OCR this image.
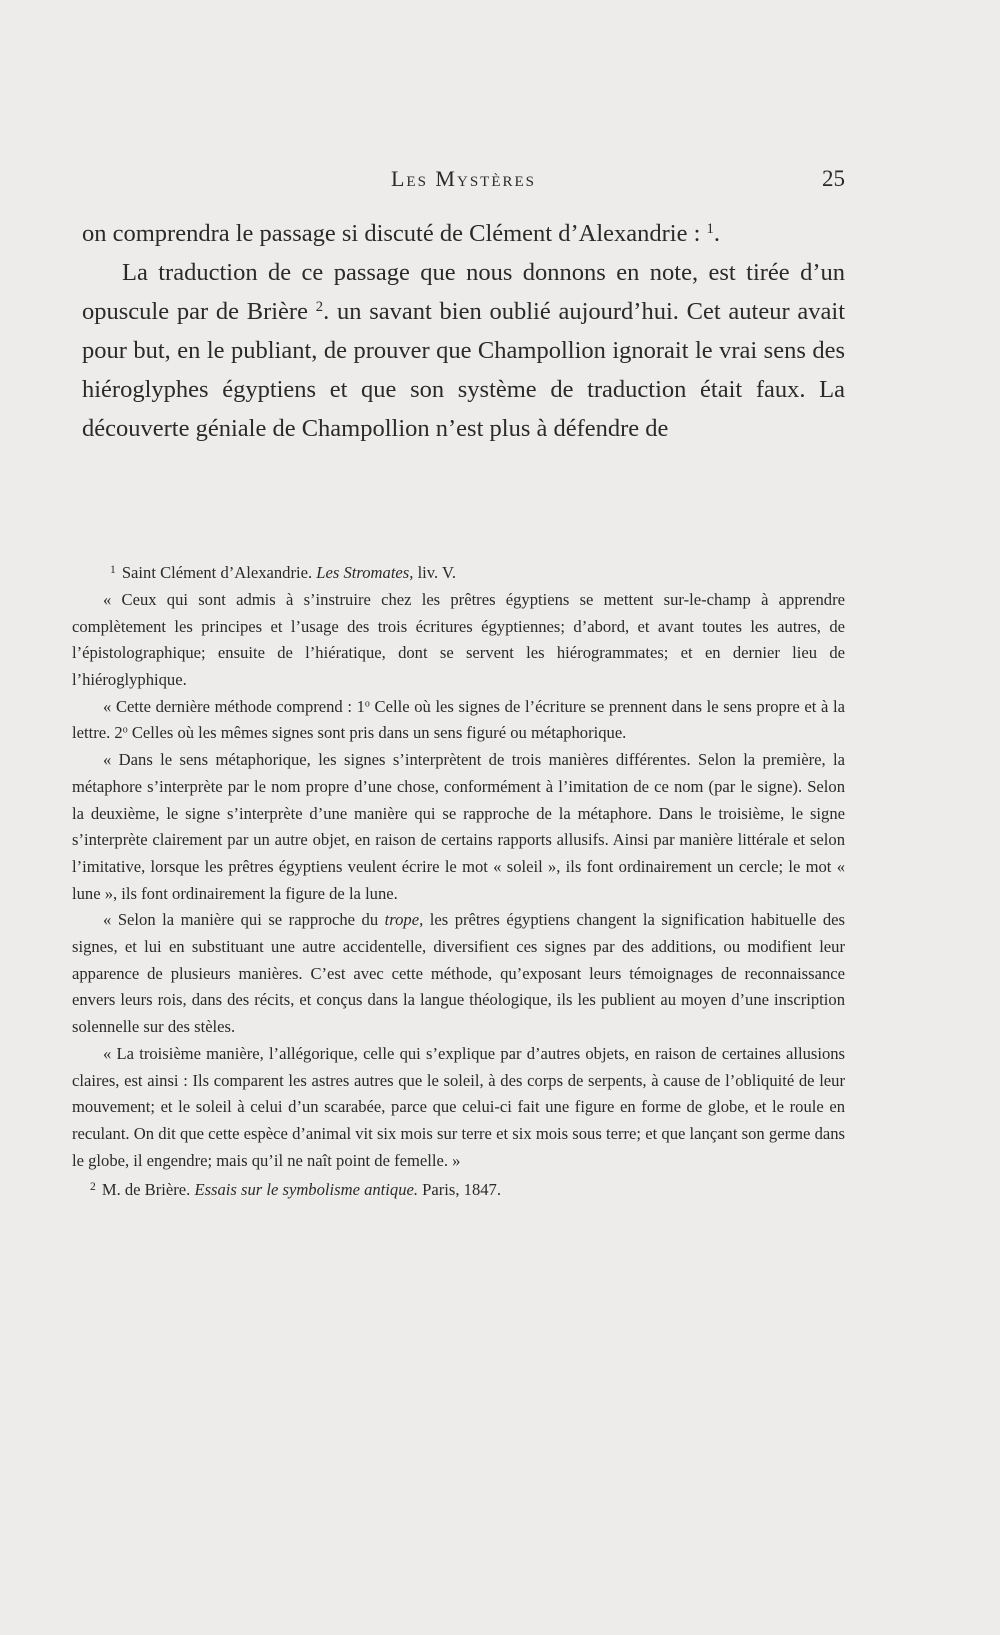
Les Mystères	25

on comprendra le passage si discuté de Clément d’Alexandrie : $^1$.

La traduction de ce passage que nous donnons en note, est tirée d’un opuscule par de Brière $^2$. un savant bien oublié aujourd’hui. Cet auteur avait pour but, en le publiant, de prouver que Champollion ignorait le vrai sens des hiéroglyphes égyptiens et que son système de traduction était faux. La découverte géniale de Champollion n’est plus à défendre de

$^1$ Saint Clément d’Alexandrie. Les Stromates, liv. V.

« Ceux qui sont admis à s’instruire chez les prêtres égyptiens se mettent sur-le-champ à apprendre complètement les principes et l’usage des trois écritures égyptiennes; d’abord, et avant toutes les autres, de l’épistolographique; ensuite de l’hiératique, dont se servent les hiérogrammates; et en dernier lieu de l’hiéroglyphique.

« Cette dernière méthode comprend : 1$^o$ Celle où les signes de l’écriture se prennent dans le sens propre et à la lettre. 2$^o$ Celles où les mêmes signes sont pris dans un sens figuré ou métaphorique.

« Dans le sens métaphorique, les signes s’interprètent de trois manières différentes. Selon la première, la métaphore s’interprète par le nom propre d’une chose, conformément à l’imitation de ce nom (par le signe). Selon la deuxième, le signe s’interprète d’une manière qui se rapproche de la métaphore. Dans le troisième, le signe s’interprète clairement par un autre objet, en raison de certains rapports allusifs. Ainsi par manière littérale et selon l’imitative, lorsque les prêtres égyptiens veulent écrire le mot « soleil », ils font ordinairement un cercle; le mot « lune », ils font ordinairement la figure de la lune.

« Selon la manière qui se rapproche du trope, les prêtres égyptiens changent la signification habituelle des signes, et lui en substituant une autre accidentelle, diversifient ces signes par des additions, ou modifient leur apparence de plusieurs manières. C’est avec cette méthode, qu’exposant leurs témoignages de reconnaissance envers leurs rois, dans des récits, et conçus dans la langue théologique, ils les publient au moyen d’une inscription solennelle sur des stèles.

« La troisième manière, l’allégorique, celle qui s’explique par d’autres objets, en raison de certaines allusions claires, est ainsi : Ils comparent les astres autres que le soleil, à des corps de serpents, à cause de l’obliquité de leur mouvement; et le soleil à celui d’un scarabée, parce que celui-ci fait une figure en forme de globe, et le roule en reculant. On dit que cette espèce d’animal vit six mois sur terre et six mois sous terre; et que lançant son germe dans le globe, il engendre; mais qu’il ne naît point de femelle. »

$^2$ M. de Brière. Essais sur le symbolisme antique. Paris, 1847.
